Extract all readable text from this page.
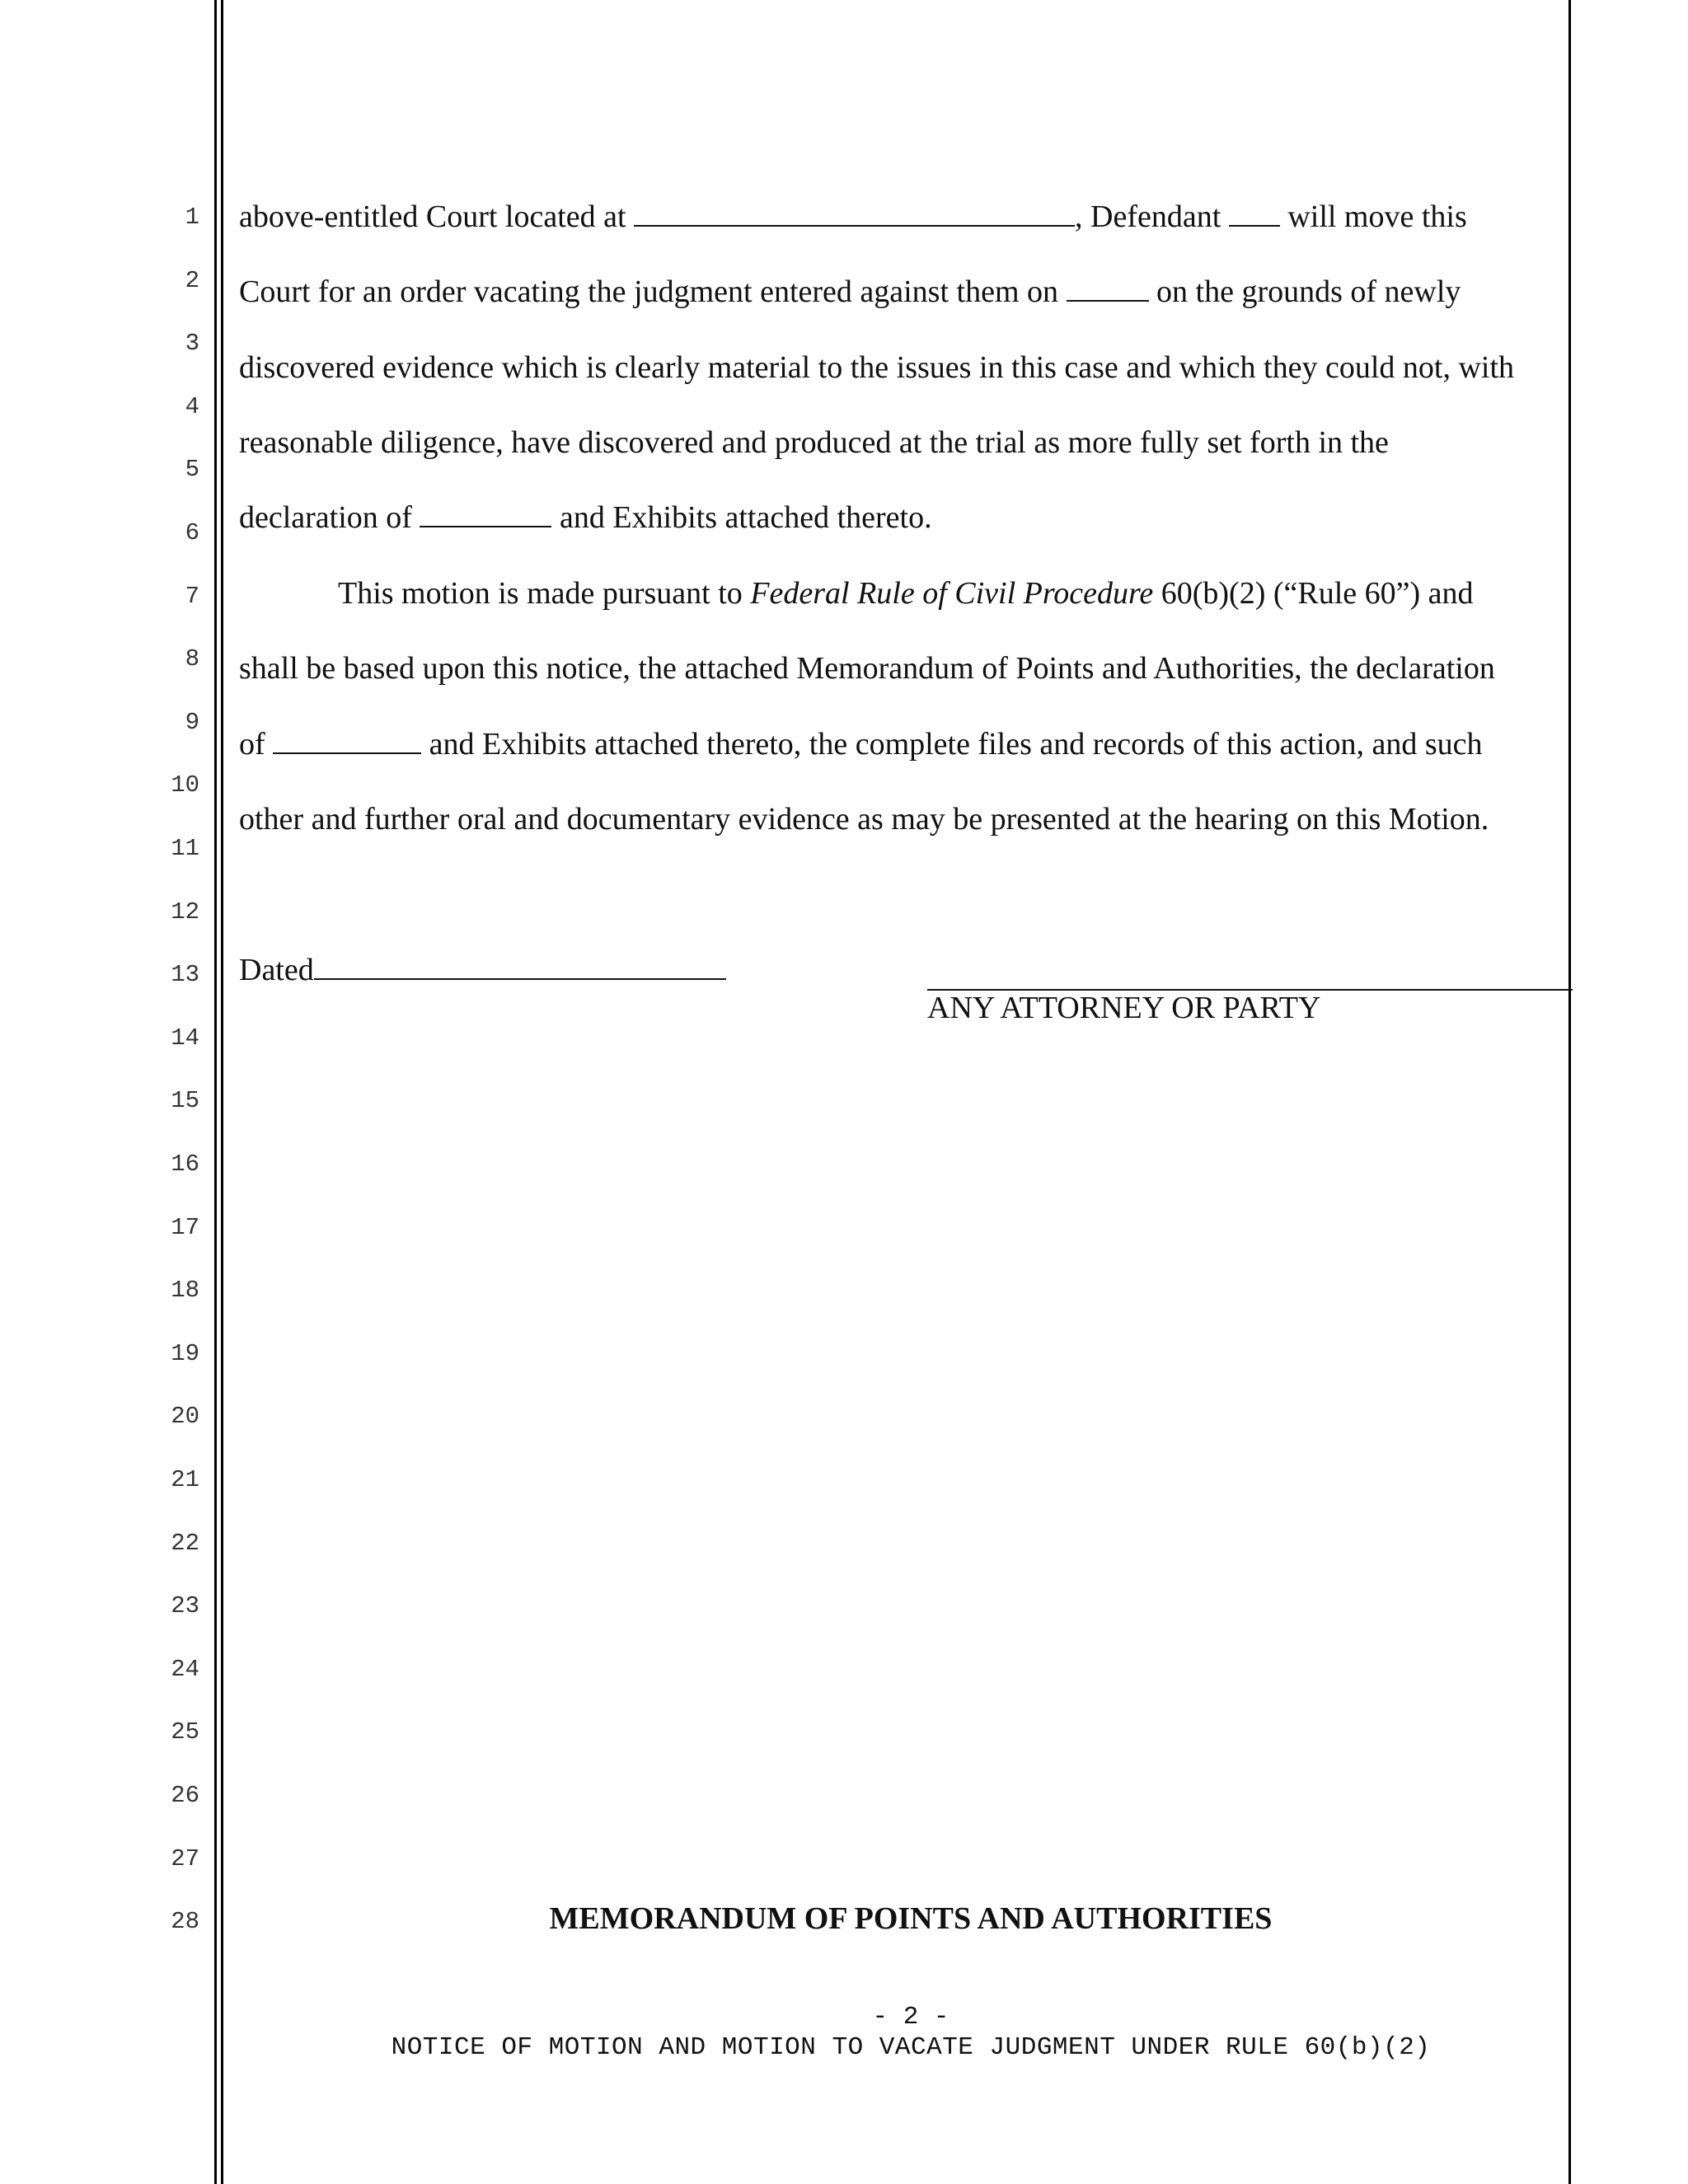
1
2
3
4
5
6
7
8
9
10
11
12
13
14
15
16
17
18
19
20
21
22
23
24
25
26
27
28
above-entitled Court located at	, Defendant  will move this
Court for an order vacating the judgment entered against them on	on the grounds of newly
discovered evidence which is clearly material to the issues in this case and which they could not, with
reasonable diligence, have discovered and produced at the trial as more fully set forth in the
declaration of	and Exhibits attached thereto.
This motion is made pursuant to Federal Rule of Civil Procedure 60(b)(2) (“Rule 60”) and
shall be based upon this notice, the attached Memorandum of Points and Authorities, the declaration
of	and Exhibits attached thereto, the complete files and records of this action, and such
other and further oral and documentary evidence as may be presented at the hearing on this Motion.
Dated
ANY ATTORNEY OR PARTY
MEMORANDUM OF POINTS AND AUTHORITIES
- 2 -
NOTICE OF MOTION AND MOTION TO VACATE JUDGMENT UNDER RULE 60(b)(2)
